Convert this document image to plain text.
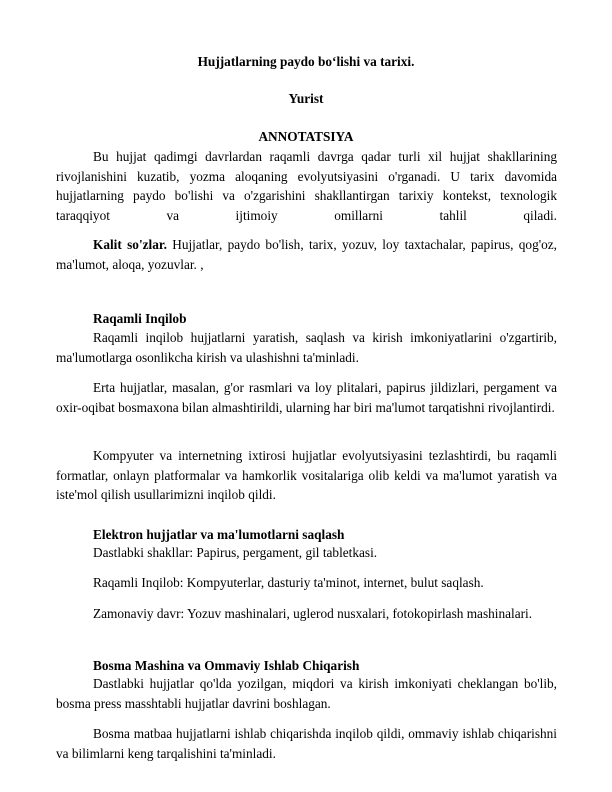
Hujjatlarning paydo bo‘lishi va tarixi.
Yurist
ANNOTATSIYA

Bu hujjat qadimgi davrlardan raqamli davrga qadar turli xil hujjat shakllarining rivojlanishini kuzatib, yozma aloqaning evolyutsiyasini o'rganadi. U tarix davomida hujjatlarning paydo bo'lishi va o'zgarishini shakllantirgan tarixiy kontekst, texnologik taraqqiyot va ijtimoiy omillarni tahlil qiladi.

Kalit so'zlar. Hujjatlar, paydo bo'lish, tarix, yozuv, loy taxtachalar, papirus, qog'oz, ma'lumot, aloqa, yozuvlar. ,

Raqamli Inqilob

Raqamli inqilob hujjatlarni yaratish, saqlash va kirish imkoniyatlarini o'zgartirib, ma'lumotlarga osonlikcha kirish va ulashishni ta'minladi.

Erta hujjatlar, masalan, g'or rasmlari va loy plitalari, papirus jildizlari, pergament va oxir-oqibat bosmaxona bilan almashtirildi, ularning har biri ma'lumot tarqatishni rivojlantirdi.

Kompyuter va internetning ixtirosi hujjatlar evolyutsiyasini tezlashtirdi, bu raqamli formatlar, onlayn platformalar va hamkorlik vositalariga olib keldi va ma'lumot yaratish va iste'mol qilish usullarimizni inqilob qildi.

Elektron hujjatlar va ma'lumotlarni saqlash

Dastlabki shakllar: Papirus, pergament, gil tabletkasi.

Raqamli Inqilob: Kompyuterlar, dasturiy ta'minot, internet, bulut saqlash.

Zamonaviy davr: Yozuv mashinalari, uglerod nusxalari, fotokopirlash mashinalari.

Bosma Mashina va Ommaviy Ishlab Chiqarish

Dastlabki hujjatlar qo'lda yozilgan, miqdori va kirish imkoniyati cheklangan bo'lib, bosma press masshtabli hujjatlar davrini boshlagan.

Bosma matbaa hujjatlarni ishlab chiqarishda inqilob qildi, ommaviy ishlab chiqarishni va bilimlarni keng tarqalishini ta'minladi.
